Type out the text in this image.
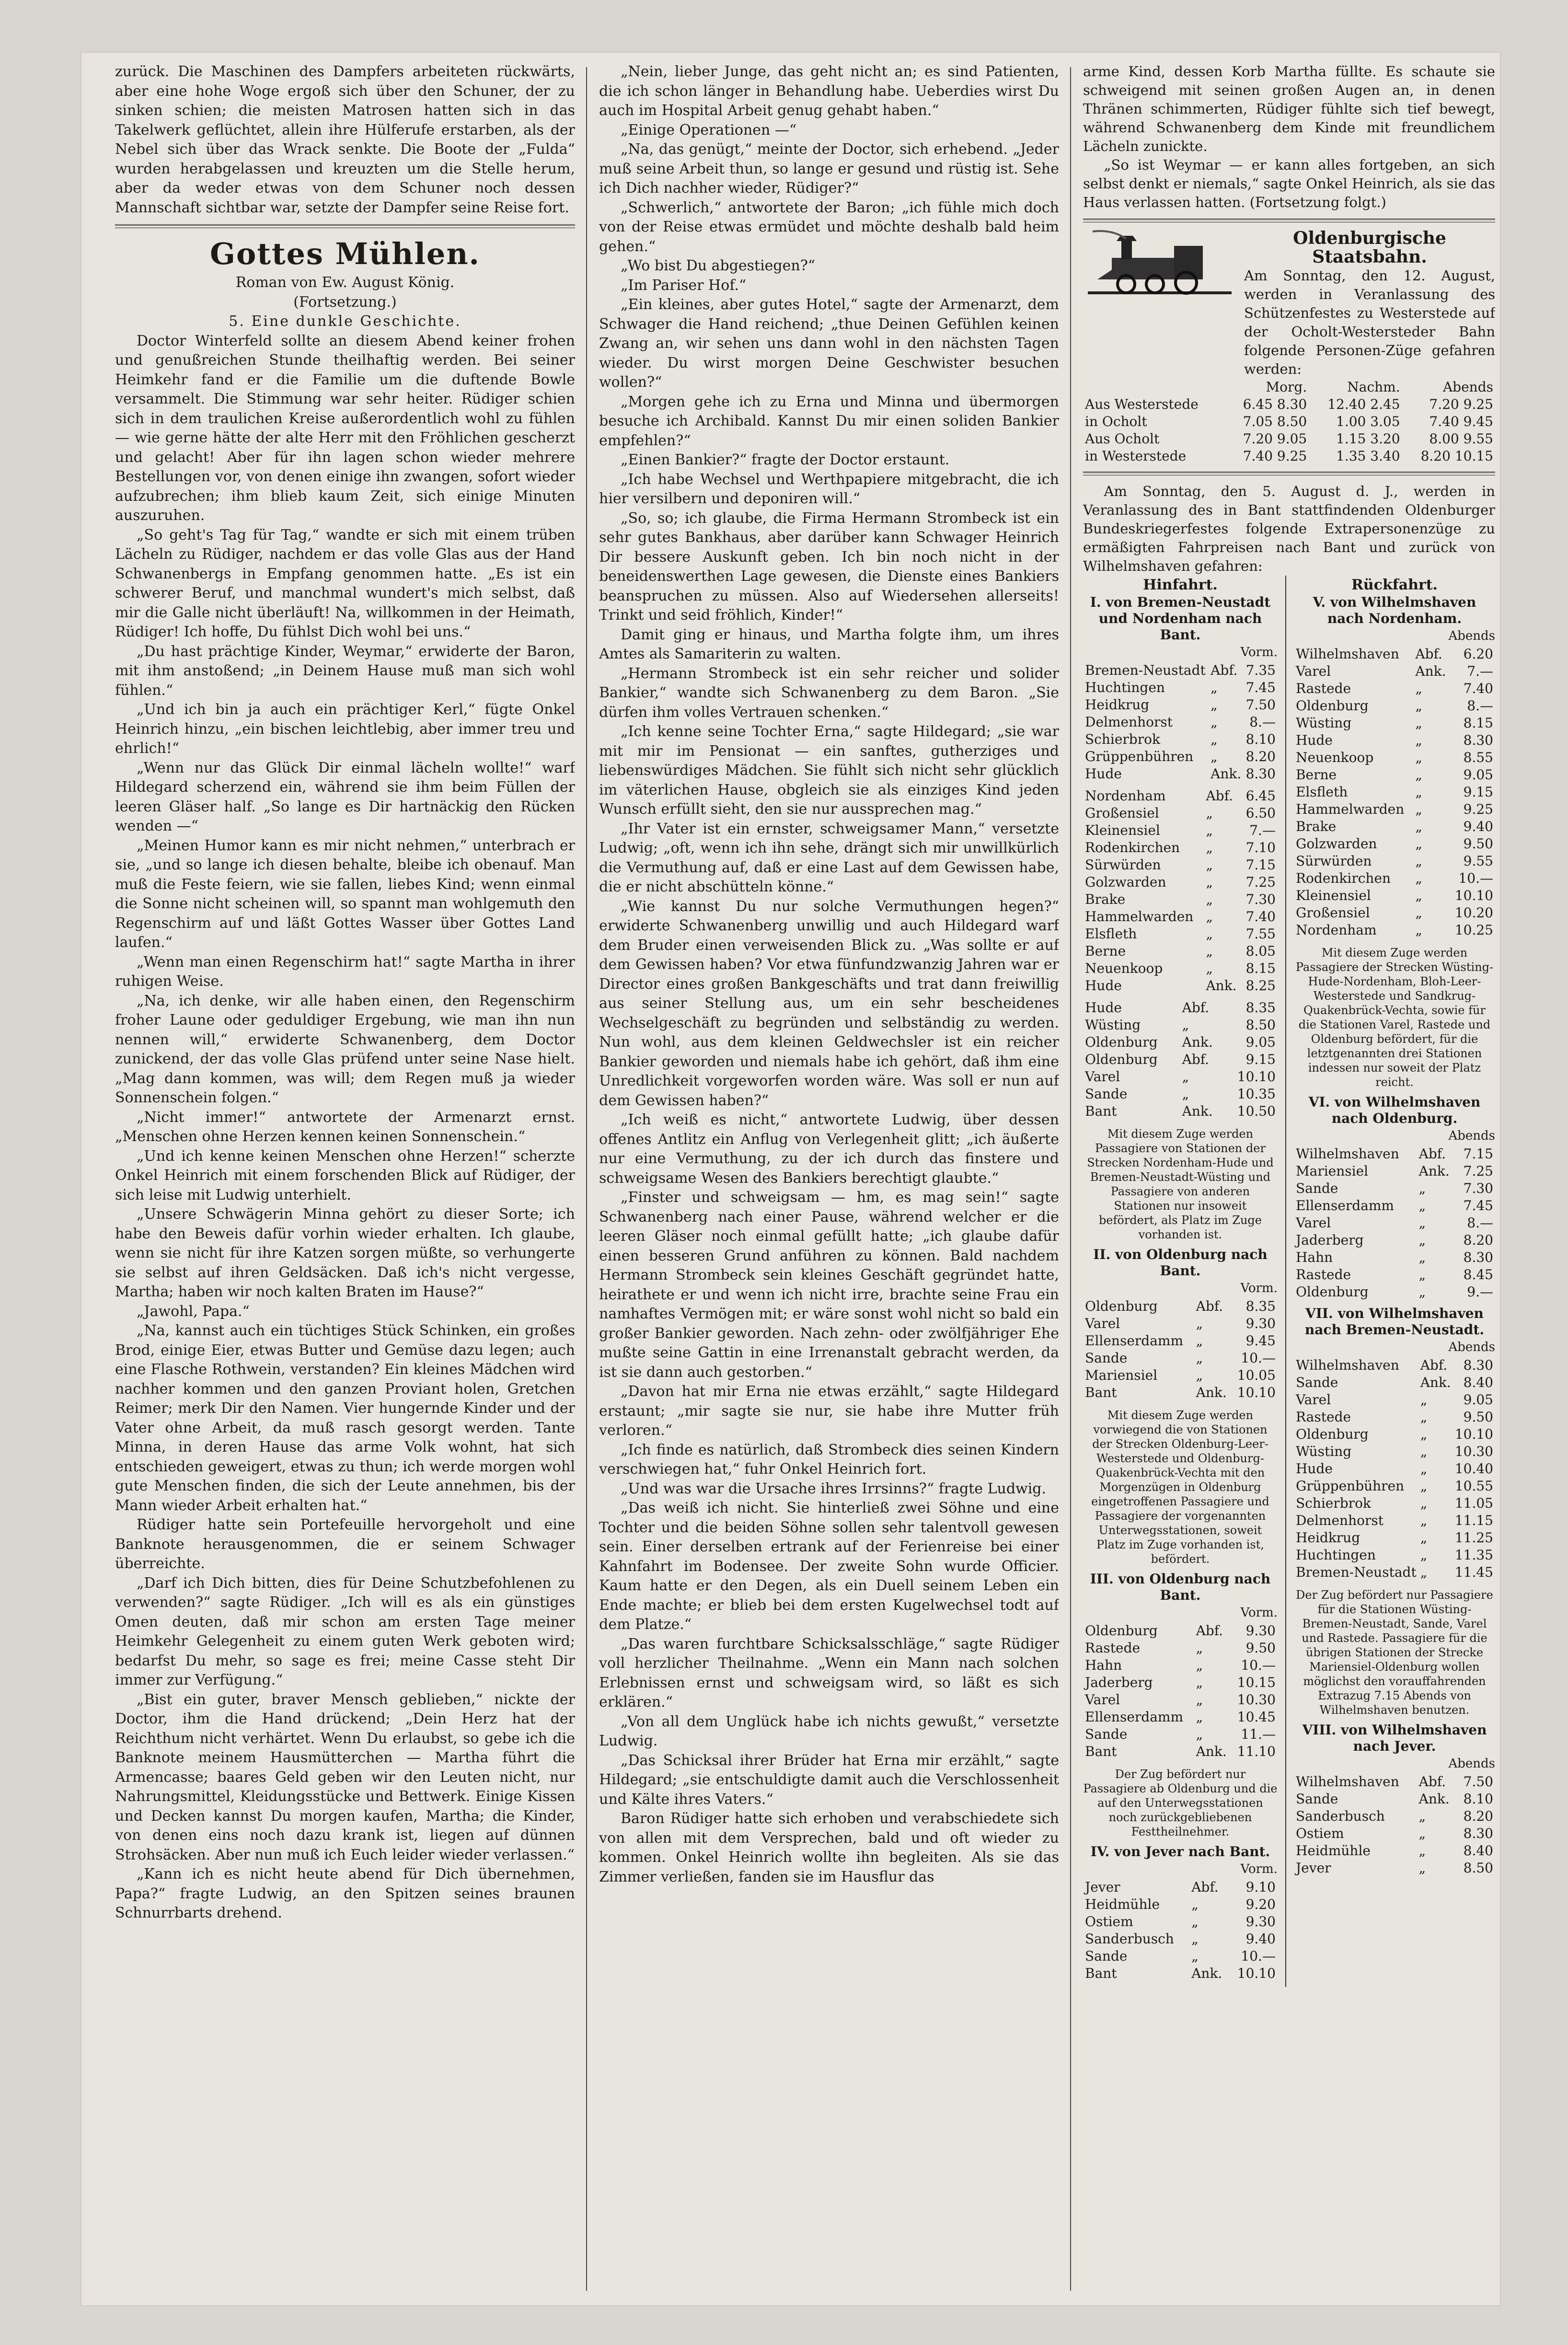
zurück. Die Maschinen des Dampfers arbeiteten rückwärts, aber eine hohe Woge ergoß sich über den Schuner, der zu sinken schien; die meisten Matrosen hatten sich in das Takelwerk geflüchtet, allein ihre Hülferufe erstarben, als der Nebel sich über das Wrack senkte. Die Boote der „Fulda“ wurden herabgelassen und kreuzten um die Stelle herum, aber da weder etwas von dem Schuner noch dessen Mannschaft sichtbar war, setzte der Dampfer seine Reise fort.

Gottes Mühlen.

Roman von Ew. August König.

(Fortsetzung.)

5. Eine dunkle Geschichte.

Doctor Winterfeld sollte an diesem Abend keiner frohen und genußreichen Stunde theilhaftig werden. Bei seiner Heimkehr fand er die Familie um die duftende Bowle versammelt. Die Stimmung war sehr heiter. Rüdiger schien sich in dem traulichen Kreise außerordentlich wohl zu fühlen — wie gerne hätte der alte Herr mit den Fröhlichen gescherzt und gelacht! Aber für ihn lagen schon wieder mehrere Bestellungen vor, von denen einige ihn zwangen, sofort wieder aufzubrechen; ihm blieb kaum Zeit, sich einige Minuten auszuruhen.

„So geht's Tag für Tag,“ wandte er sich mit einem trüben Lächeln zu Rüdiger, nachdem er das volle Glas aus der Hand Schwanenbergs in Empfang genommen hatte. „Es ist ein schwerer Beruf, und manchmal wundert's mich selbst, daß mir die Galle nicht überläuft! Na, willkommen in der Heimath, Rüdiger! Ich hoffe, Du fühlst Dich wohl bei uns.“

„Du hast prächtige Kinder, Weymar,“ erwiderte der Baron, mit ihm anstoßend; „in Deinem Hause muß man sich wohl fühlen.“

„Und ich bin ja auch ein prächtiger Kerl,“ fügte Onkel Heinrich hinzu, „ein bischen leichtlebig, aber immer treu und ehrlich!“

„Wenn nur das Glück Dir einmal lächeln wollte!“ warf Hildegard scherzend ein, während sie ihm beim Füllen der leeren Gläser half. „So lange es Dir hartnäckig den Rücken wenden —“

„Meinen Humor kann es mir nicht nehmen,“ unterbrach er sie, „und so lange ich diesen behalte, bleibe ich obenauf. Man muß die Feste feiern, wie sie fallen, liebes Kind; wenn einmal die Sonne nicht scheinen will, so spannt man wohlgemuth den Regenschirm auf und läßt Gottes Wasser über Gottes Land laufen.“

„Wenn man einen Regenschirm hat!“ sagte Martha in ihrer ruhigen Weise.

„Na, ich denke, wir alle haben einen, den Regenschirm froher Laune oder geduldiger Ergebung, wie man ihn nun nennen will,“ erwiderte Schwanenberg, dem Doctor zunickend, der das volle Glas prüfend unter seine Nase hielt. „Mag dann kommen, was will; dem Regen muß ja wieder Sonnenschein folgen.“

„Nicht immer!“ antwortete der Armenarzt ernst. „Menschen ohne Herzen kennen keinen Sonnenschein.“

„Und ich kenne keinen Menschen ohne Herzen!“ scherzte Onkel Heinrich mit einem forschenden Blick auf Rüdiger, der sich leise mit Ludwig unterhielt.

„Unsere Schwägerin Minna gehört zu dieser Sorte; ich habe den Beweis dafür vorhin wieder erhalten. Ich glaube, wenn sie nicht für ihre Katzen sorgen müßte, so verhungerte sie selbst auf ihren Geldsäcken. Daß ich's nicht vergesse, Martha; haben wir noch kalten Braten im Hause?“

„Jawohl, Papa.“

„Na, kannst auch ein tüchtiges Stück Schinken, ein großes Brod, einige Eier, etwas Butter und Gemüse dazu legen; auch eine Flasche Rothwein, verstanden? Ein kleines Mädchen wird nachher kommen und den ganzen Proviant holen, Gretchen Reimer; merk Dir den Namen. Vier hungernde Kinder und der Vater ohne Arbeit, da muß rasch gesorgt werden. Tante Minna, in deren Hause das arme Volk wohnt, hat sich entschieden geweigert, etwas zu thun; ich werde morgen wohl gute Menschen finden, die sich der Leute annehmen, bis der Mann wieder Arbeit erhalten hat.“

Rüdiger hatte sein Portefeuille hervorgeholt und eine Banknote herausgenommen, die er seinem Schwager überreichte.

„Darf ich Dich bitten, dies für Deine Schutzbefohlenen zu verwenden?“ sagte Rüdiger. „Ich will es als ein günstiges Omen deuten, daß mir schon am ersten Tage meiner Heimkehr Gelegenheit zu einem guten Werk geboten wird; bedarfst Du mehr, so sage es frei; meine Casse steht Dir immer zur Verfügung.“

„Bist ein guter, braver Mensch geblieben,“ nickte der Doctor, ihm die Hand drückend; „Dein Herz hat der Reichthum nicht verhärtet. Wenn Du erlaubst, so gebe ich die Banknote meinem Hausmütterchen — Martha führt die Armencasse; baares Geld geben wir den Leuten nicht, nur Nahrungsmittel, Kleidungsstücke und Bettwerk. Einige Kissen und Decken kannst Du morgen kaufen, Martha; die Kinder, von denen eins noch dazu krank ist, liegen auf dünnen Strohsäcken. Aber nun muß ich Euch leider wieder verlassen.“

„Kann ich es nicht heute abend für Dich übernehmen, Papa?“ fragte Ludwig, an den Spitzen seines braunen Schnurrbarts drehend.

„Nein, lieber Junge, das geht nicht an; es sind Patienten, die ich schon länger in Behandlung habe. Ueberdies wirst Du auch im Hospital Arbeit genug gehabt haben.“

„Einige Operationen —“

„Na, das genügt,“ meinte der Doctor, sich erhebend. „Jeder muß seine Arbeit thun, so lange er gesund und rüstig ist. Sehe ich Dich nachher wieder, Rüdiger?“

„Schwerlich,“ antwortete der Baron; „ich fühle mich doch von der Reise etwas ermüdet und möchte deshalb bald heim gehen.“

„Wo bist Du abgestiegen?“

„Im Pariser Hof.“

„Ein kleines, aber gutes Hotel,“ sagte der Armenarzt, dem Schwager die Hand reichend; „thue Deinen Gefühlen keinen Zwang an, wir sehen uns dann wohl in den nächsten Tagen wieder. Du wirst morgen Deine Geschwister besuchen wollen?“

„Morgen gehe ich zu Erna und Minna und übermorgen besuche ich Archibald. Kannst Du mir einen soliden Bankier empfehlen?“

„Einen Bankier?“ fragte der Doctor erstaunt.

„Ich habe Wechsel und Werthpapiere mitgebracht, die ich hier versilbern und deponiren will.“

„So, so; ich glaube, die Firma Hermann Strombeck ist ein sehr gutes Bankhaus, aber darüber kann Schwager Heinrich Dir bessere Auskunft geben. Ich bin noch nicht in der beneidenswerthen Lage gewesen, die Dienste eines Bankiers beanspruchen zu müssen. Also auf Wiedersehen allerseits! Trinkt und seid fröhlich, Kinder!“

Damit ging er hinaus, und Martha folgte ihm, um ihres Amtes als Samariterin zu walten.

„Hermann Strombeck ist ein sehr reicher und solider Bankier,“ wandte sich Schwanenberg zu dem Baron. „Sie dürfen ihm volles Vertrauen schenken.“

„Ich kenne seine Tochter Erna,“ sagte Hildegard; „sie war mit mir im Pensionat — ein sanftes, gutherziges und liebenswürdiges Mädchen. Sie fühlt sich nicht sehr glücklich im väterlichen Hause, obgleich sie als einziges Kind jeden Wunsch erfüllt sieht, den sie nur aussprechen mag.“

„Ihr Vater ist ein ernster, schweigsamer Mann,“ versetzte Ludwig; „oft, wenn ich ihn sehe, drängt sich mir unwillkürlich die Vermuthung auf, daß er eine Last auf dem Gewissen habe, die er nicht abschütteln könne.“

„Wie kannst Du nur solche Vermuthungen hegen?“ erwiderte Schwanenberg unwillig und auch Hildegard warf dem Bruder einen verweisenden Blick zu. „Was sollte er auf dem Gewissen haben? Vor etwa fünfundzwanzig Jahren war er Director eines großen Bankgeschäfts und trat dann freiwillig aus seiner Stellung aus, um ein sehr bescheidenes Wechselgeschäft zu begründen und selbständig zu werden. Nun wohl, aus dem kleinen Geldwechsler ist ein reicher Bankier geworden und niemals habe ich gehört, daß ihm eine Unredlichkeit vorgeworfen worden wäre. Was soll er nun auf dem Gewissen haben?“

„Ich weiß es nicht,“ antwortete Ludwig, über dessen offenes Antlitz ein Anflug von Verlegenheit glitt; „ich äußerte nur eine Vermuthung, zu der ich durch das finstere und schweigsame Wesen des Bankiers berechtigt glaubte.“

„Finster und schweigsam — hm, es mag sein!“ sagte Schwanenberg nach einer Pause, während welcher er die leeren Gläser noch einmal gefüllt hatte; „ich glaube dafür einen besseren Grund anführen zu können. Bald nachdem Hermann Strombeck sein kleines Geschäft gegründet hatte, heirathete er und wenn ich nicht irre, brachte seine Frau ein namhaftes Vermögen mit; er wäre sonst wohl nicht so bald ein großer Bankier geworden. Nach zehn- oder zwölfjähriger Ehe mußte seine Gattin in eine Irrenanstalt gebracht werden, da ist sie dann auch gestorben.“

„Davon hat mir Erna nie etwas erzählt,“ sagte Hildegard erstaunt; „mir sagte sie nur, sie habe ihre Mutter früh verloren.“

„Ich finde es natürlich, daß Strombeck dies seinen Kindern verschwiegen hat,“ fuhr Onkel Heinrich fort.

„Und was war die Ursache ihres Irrsinns?“ fragte Ludwig.

„Das weiß ich nicht. Sie hinterließ zwei Söhne und eine Tochter und die beiden Söhne sollen sehr talentvoll gewesen sein. Einer derselben ertrank auf der Ferienreise bei einer Kahnfahrt im Bodensee. Der zweite Sohn wurde Officier. Kaum hatte er den Degen, als ein Duell seinem Leben ein Ende machte; er blieb bei dem ersten Kugelwechsel todt auf dem Platze.“

„Das waren furchtbare Schicksalsschläge,“ sagte Rüdiger voll herzlicher Theilnahme. „Wenn ein Mann nach solchen Erlebnissen ernst und schweigsam wird, so läßt es sich erklären.“

„Von all dem Unglück habe ich nichts gewußt,“ versetzte Ludwig.

„Das Schicksal ihrer Brüder hat Erna mir erzählt,“ sagte Hildegard; „sie entschuldigte damit auch die Verschlossenheit und Kälte ihres Vaters.“

Baron Rüdiger hatte sich erhoben und verabschiedete sich von allen mit dem Versprechen, bald und oft wieder zu kommen. Onkel Heinrich wollte ihn begleiten. Als sie das Zimmer verließen, fanden sie im Hausflur das

arme Kind, dessen Korb Martha füllte. Es schaute sie schweigend mit seinen großen Augen an, in denen Thränen schimmerten, Rüdiger fühlte sich tief bewegt, während Schwanenberg dem Kinde mit freundlichem Lächeln zunickte.

„So ist Weymar — er kann alles fortgeben, an sich selbst denkt er niemals,“ sagte Onkel Heinrich, als sie das Haus verlassen hatten. (Fortsetzung folgt.)

Oldenburgische Staatsbahn.
Am Sonntag, den 12. August, werden in Veranlassung des Schützenfestes zu Westerstede auf der Ocholt-Westersteder Bahn folgende Personen-Züge gefahren werden:
	Morg.	Nachm.	Abends
Aus Westerstede	6.45 8.30	12.40 2.45	7.20 9.25
in Ocholt	7.05 8.50	1.00 3.05	7.40 9.45
Aus Ocholt	7.20 9.05	1.15 3.20	8.00 9.55
in Westerstede	7.40 9.25	1.35 3.40	8.20 10.15

Am Sonntag, den 5. August d. J., werden in Veranlassung des in Bant stattfindenden Oldenburger Bundeskriegerfestes folgende Extrapersonenzüge zu ermäßigten Fahrpreisen nach Bant und zurück von Wilhelmshaven gefahren:

Hinfahrt.
I. von Bremen-Neustadt und Nordenham nach Bant.
Vorm.
Bremen-Neustadt	Abf.	7.35
Huchtingen	„	7.45
Heidkrug	„	7.50
Delmenhorst	„	8.—
Schierbrok	„	8.10
Grüppenbühren	„	8.20
Hude	Ank.	8.30
Nordenham	Abf.	6.45
Großensiel	„	6.50
Kleinensiel	„	7.—
Rodenkirchen	„	7.10
Sürwürden	„	7.15
Golzwarden	„	7.25
Brake	„	7.30
Hammelwarden	„	7.40
Elsfleth	„	7.55
Berne	„	8.05
Neuenkoop	„	8.15
Hude	Ank.	8.25
Hude	Abf.	8.35
Wüsting	„	8.50
Oldenburg	Ank.	9.05
Oldenburg	Abf.	9.15
Varel	„	10.10
Sande	„	10.35
Bant	Ank.	10.50
Mit diesem Zuge werden Passagiere von Stationen der Strecken Nordenham-Hude und Bremen-Neustadt-Wüsting und Passagiere von anderen Stationen nur insoweit befördert, als Platz im Zuge vorhanden ist.
II. von Oldenburg nach Bant.
Vorm.
Oldenburg	Abf.	8.35
Varel	„	9.30
Ellenserdamm	„	9.45
Sande	„	10.—
Mariensiel	„	10.05
Bant	Ank.	10.10
Mit diesem Zuge werden vorwiegend die von Stationen der Strecken Oldenburg-Leer-Westerstede und Oldenburg-Quakenbrück-Vechta mit den Morgenzügen in Oldenburg eingetroffenen Passagiere und Passagiere der vorgenannten Unterwegsstationen, soweit Platz im Zuge vorhanden ist, befördert.
III. von Oldenburg nach Bant.
Vorm.
Oldenburg	Abf.	9.30
Rastede	„	9.50
Hahn	„	10.—
Jaderberg	„	10.15
Varel	„	10.30
Ellenserdamm	„	10.45
Sande	„	11.—
Bant	Ank.	11.10
Der Zug befördert nur Passagiere ab Oldenburg und die auf den Unterwegsstationen noch zurückgebliebenen Festtheilnehmer.
IV. von Jever nach Bant.
Vorm.
Jever	Abf.	9.10
Heidmühle	„	9.20
Ostiem	„	9.30
Sanderbusch	„	9.40
Sande	„	10.—
Bant	Ank.	10.10
Rückfahrt.
V. von Wilhelmshaven nach Nordenham.
Abends
Wilhelmshaven	Abf.	6.20
Varel	Ank.	7.—
Rastede	„	7.40
Oldenburg	„	8.—
Wüsting	„	8.15
Hude	„	8.30
Neuenkoop	„	8.55
Berne	„	9.05
Elsfleth	„	9.15
Hammelwarden	„	9.25
Brake	„	9.40
Golzwarden	„	9.50
Sürwürden	„	9.55
Rodenkirchen	„	10.—
Kleinensiel	„	10.10
Großensiel	„	10.20
Nordenham	„	10.25
Mit diesem Zuge werden Passagiere der Strecken Wüsting-Hude-Nordenham, Bloh-Leer-Westerstede und Sandkrug-Quakenbrück-Vechta, sowie für die Stationen Varel, Rastede und Oldenburg befördert, für die letztgenannten drei Stationen indessen nur soweit der Platz reicht.
VI. von Wilhelmshaven nach Oldenburg.
Abends
Wilhelmshaven	Abf.	7.15
Mariensiel	Ank.	7.25
Sande	„	7.30
Ellenserdamm	„	7.45
Varel	„	8.—
Jaderberg	„	8.20
Hahn	„	8.30
Rastede	„	8.45
Oldenburg	„	9.—
VII. von Wilhelmshaven nach Bremen-Neustadt.
Abends
Wilhelmshaven	Abf.	8.30
Sande	Ank.	8.40
Varel	„	9.05
Rastede	„	9.50
Oldenburg	„	10.10
Wüsting	„	10.30
Hude	„	10.40
Grüppenbühren	„	10.55
Schierbrok	„	11.05
Delmenhorst	„	11.15
Heidkrug	„	11.25
Huchtingen	„	11.35
Bremen-Neustadt	„	11.45
Der Zug befördert nur Passagiere für die Stationen Wüsting-Bremen-Neustadt, Sande, Varel und Rastede. Passagiere für die übrigen Stationen der Strecke Mariensiel-Oldenburg wollen möglichst den vorauffahrenden Extrazug 7.15 Abends von Wilhelmshaven benutzen.
VIII. von Wilhelmshaven nach Jever.
Abends
Wilhelmshaven	Abf.	7.50
Sande	Ank.	8.10
Sanderbusch	„	8.20
Ostiem	„	8.30
Heidmühle	„	8.40
Jever	„	8.50
